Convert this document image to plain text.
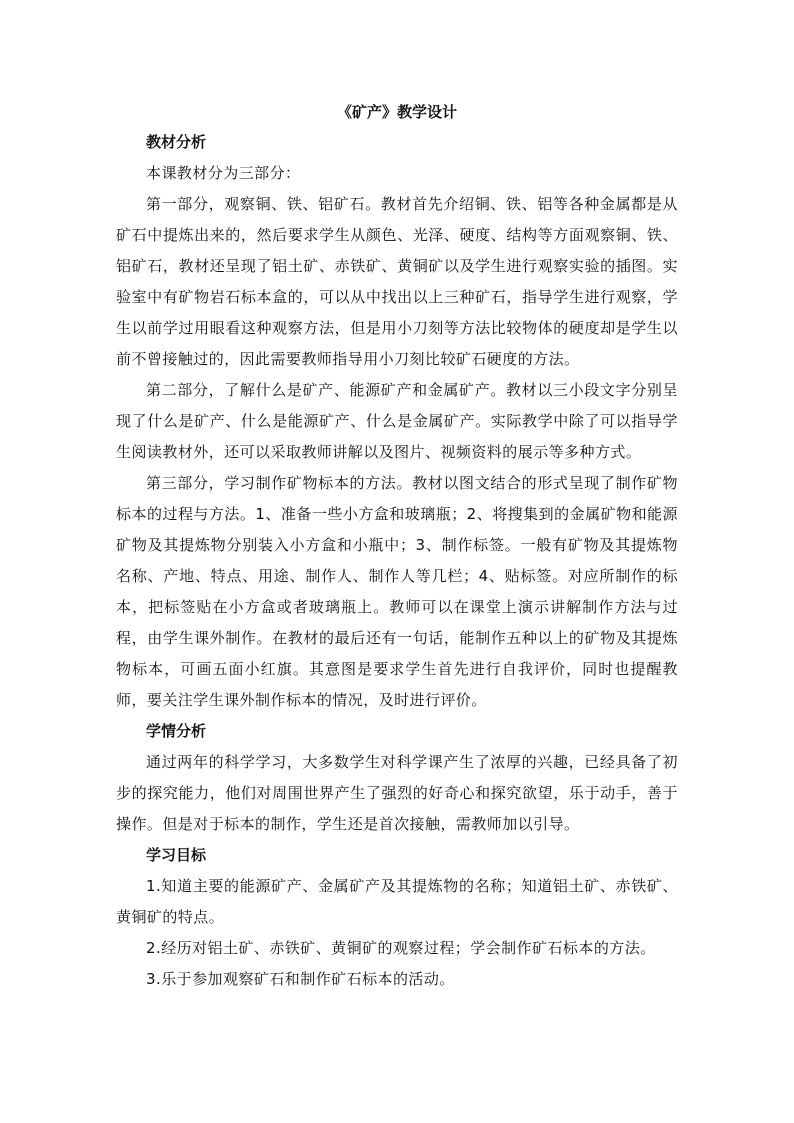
《矿产》教学设计

教材分析

本课教材分为三部分：

第一部分，观察铜、铁、铝矿石。教材首先介绍铜、铁、铝等各种金属都是从矿石中提炼出来的，然后要求学生从颜色、光泽、硬度、结构等方面观察铜、铁、铝矿石，教材还呈现了铝土矿、赤铁矿、黄铜矿以及学生进行观察实验的插图。实验室中有矿物岩石标本盒的，可以从中找出以上三种矿石，指导学生进行观察，学生以前学过用眼看这种观察方法，但是用小刀刻等方法比较物体的硬度却是学生以前不曾接触过的，因此需要教师指导用小刀刻比较矿石硬度的方法。

第二部分，了解什么是矿产、能源矿产和金属矿产。教材以三小段文字分别呈现了什么是矿产、什么是能源矿产、什么是金属矿产。实际教学中除了可以指导学生阅读教材外，还可以采取教师讲解以及图片、视频资料的展示等多种方式。

第三部分，学习制作矿物标本的方法。教材以图文结合的形式呈现了制作矿物标本的过程与方法。1、准备一些小方盒和玻璃瓶；2、将搜集到的金属矿物和能源矿物及其提炼物分别装入小方盒和小瓶中；3、制作标签。一般有矿物及其提炼物名称、产地、特点、用途、制作人、制作人等几栏；4、贴标签。对应所制作的标本，把标签贴在小方盒或者玻璃瓶上。教师可以在课堂上演示讲解制作方法与过程，由学生课外制作。在教材的最后还有一句话，能制作五种以上的矿物及其提炼物标本，可画五面小红旗。其意图是要求学生首先进行自我评价，同时也提醒教师，要关注学生课外制作标本的情况，及时进行评价。

学情分析

通过两年的科学学习，大多数学生对科学课产生了浓厚的兴趣，已经具备了初步的探究能力，他们对周围世界产生了强烈的好奇心和探究欲望，乐于动手，善于操作。但是对于标本的制作，学生还是首次接触，需教师加以引导。

学习目标

1.知道主要的能源矿产、金属矿产及其提炼物的名称；知道铝土矿、赤铁矿、黄铜矿的特点。

2.经历对铝土矿、赤铁矿、黄铜矿的观察过程；学会制作矿石标本的方法。

3.乐于参加观察矿石和制作矿石标本的活动。
